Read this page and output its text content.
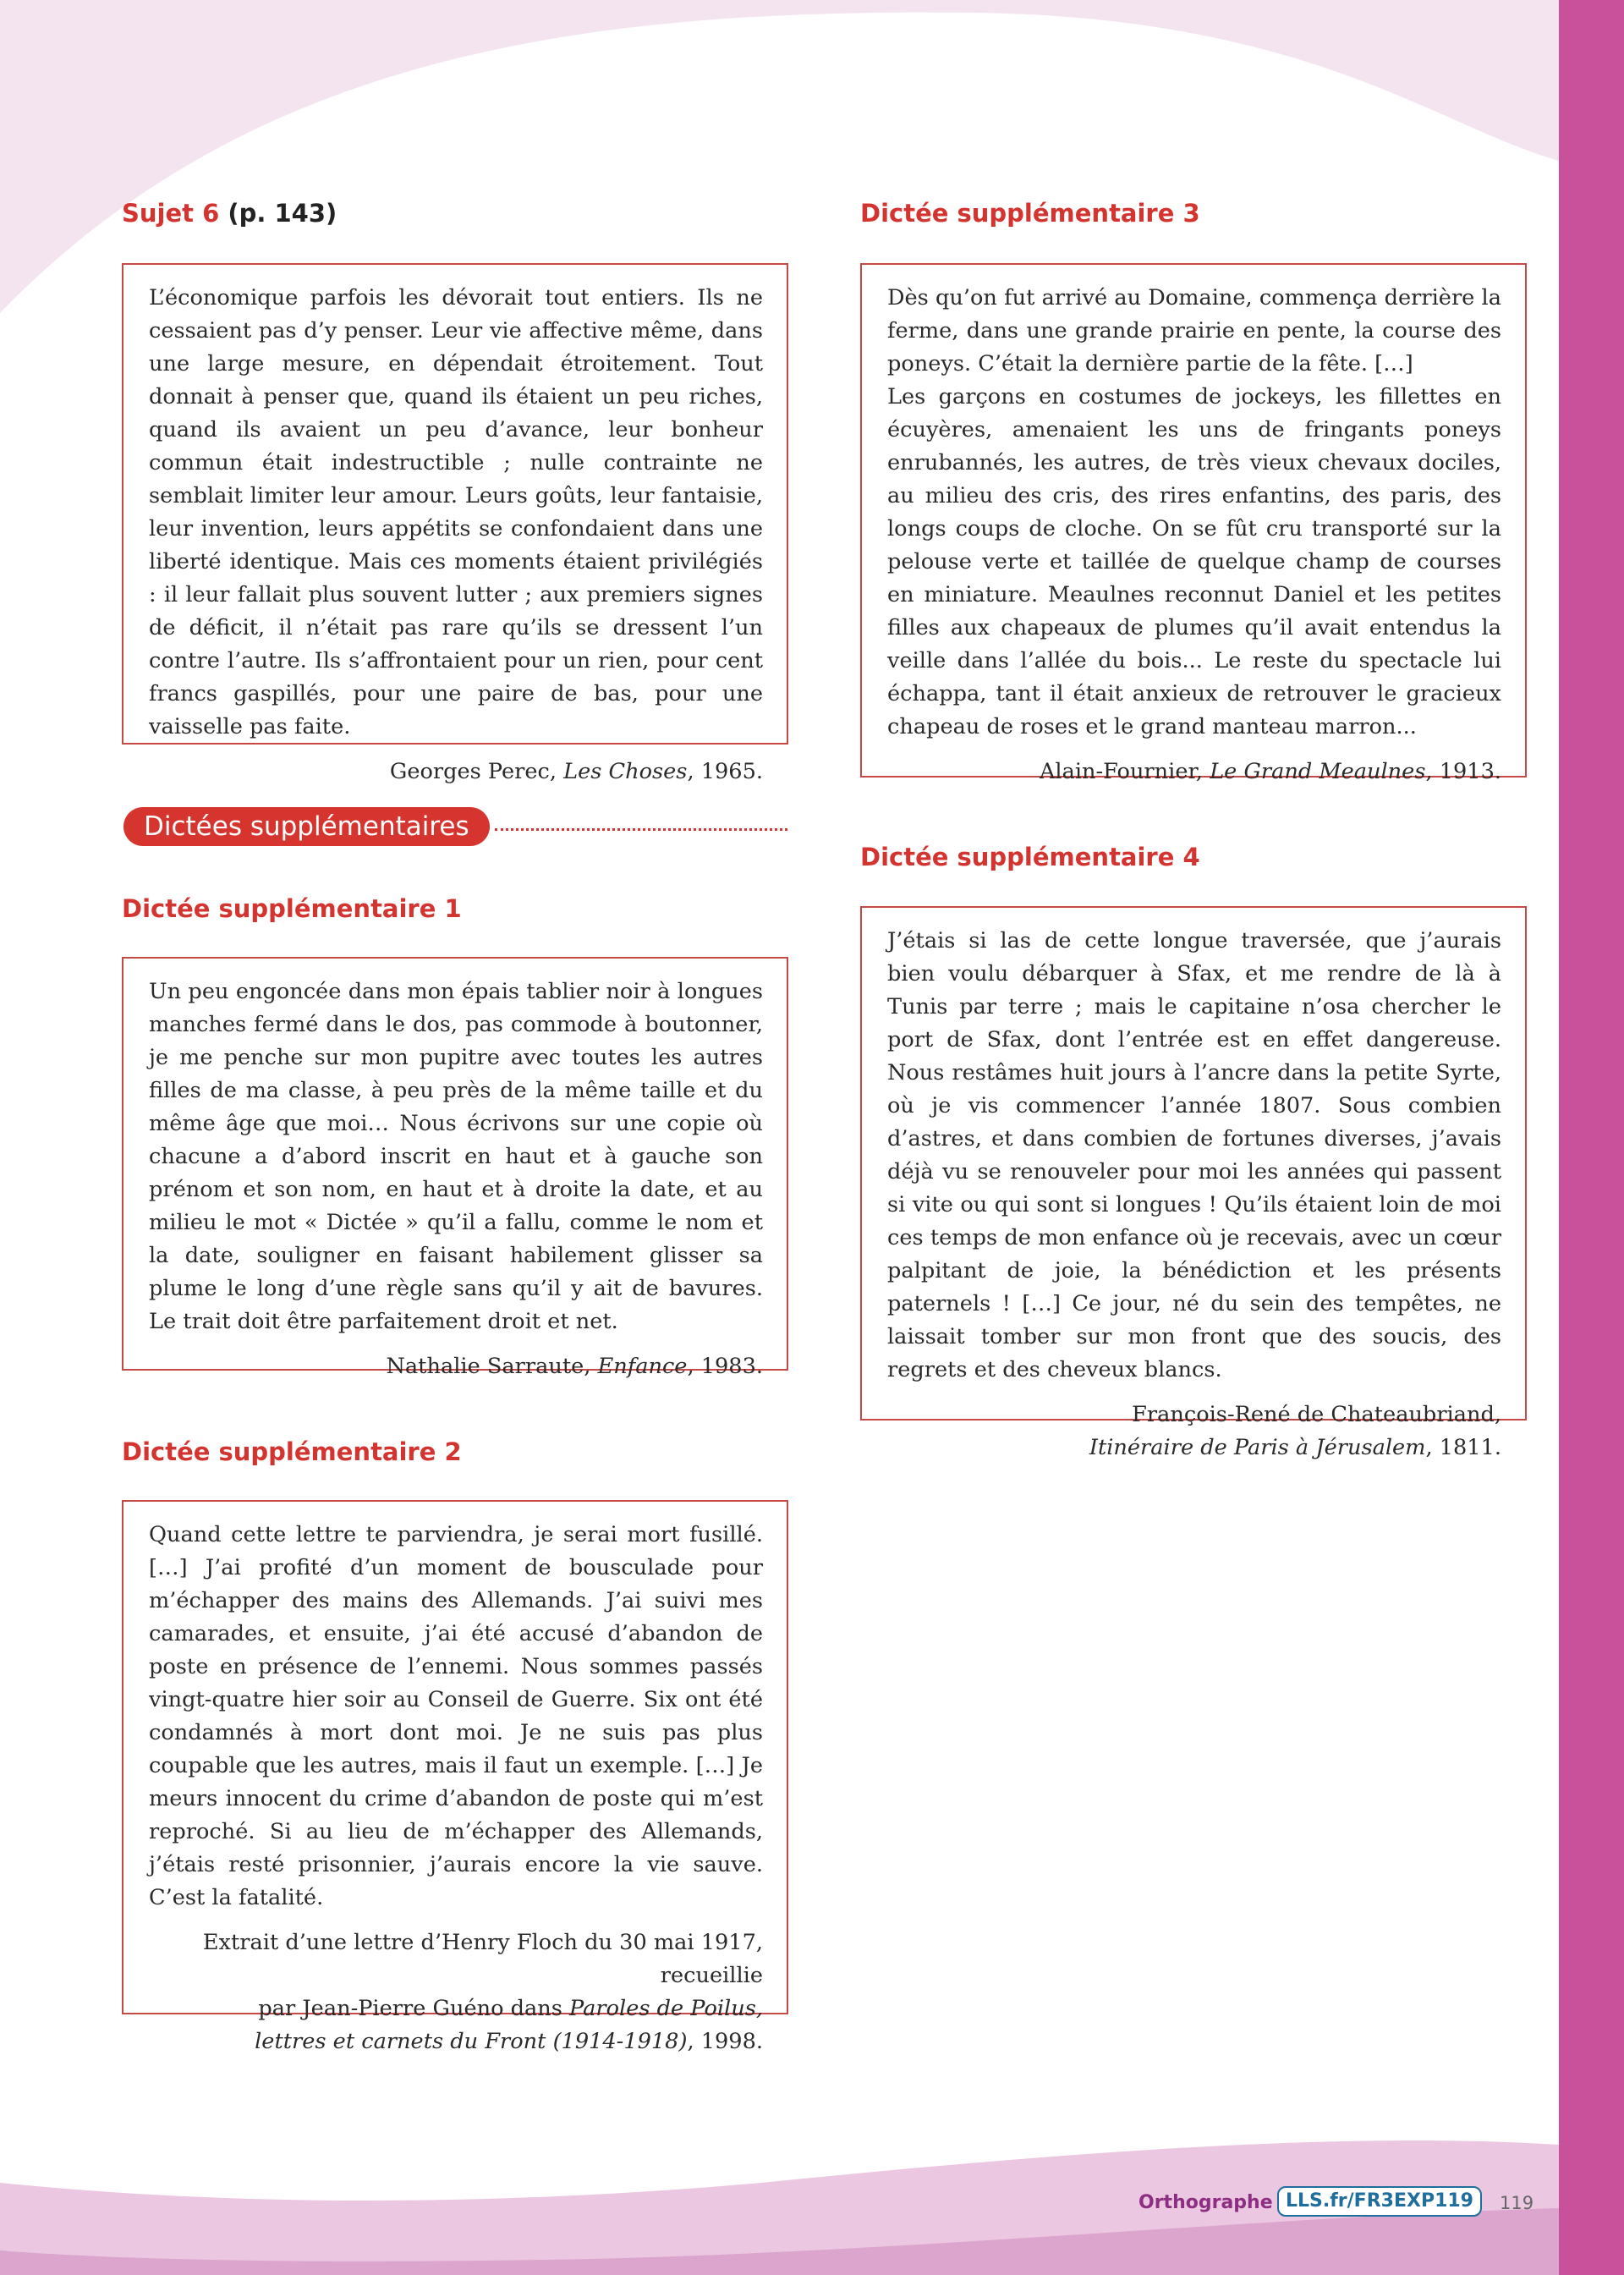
Sujet 6 (p. 143)

L’économique parfois les dévorait tout entiers. Ils ne cessaient pas d’y penser. Leur vie affective même, dans une large mesure, en dépendait étroitement. Tout donnait à penser que, quand ils étaient un peu riches, quand ils avaient un peu d’avance, leur bonheur commun était indestructible ; nulle contrainte ne semblait limiter leur amour. Leurs goûts, leur fantaisie, leur invention, leurs appétits se confondaient dans une liberté identique. Mais ces moments étaient privilégiés : il leur fallait plus souvent lutter ; aux premiers signes de déficit, il n’était pas rare qu’ils se dressent l’un contre l’autre. Ils s’affrontaient pour un rien, pour cent francs gaspillés, pour une paire de bas, pour une vaisselle pas faite.

Georges Perec, Les Choses, 1965.
Dictées supplémentaires
Dictée supplémentaire 1

Un peu engoncée dans mon épais tablier noir à longues manches fermé dans le dos, pas commode à boutonner, je me penche sur mon pupitre avec toutes les autres filles de ma classe, à peu près de la même taille et du même âge que moi… Nous écrivons sur une copie où chacune a d’abord inscrit en haut et à gauche son prénom et son nom, en haut et à droite la date, et au milieu le mot « Dictée » qu’il a fallu, comme le nom et la date, souligner en faisant habilement glisser sa plume le long d’une règle sans qu’il y ait de bavures. Le trait doit être parfaitement droit et net.

Nathalie Sarraute, Enfance, 1983.
Dictée supplémentaire 2

Quand cette lettre te parviendra, je serai mort fusillé. […] J’ai profité d’un moment de bousculade pour m’échapper des mains des Allemands. J’ai suivi mes camarades, et ensuite, j’ai été accusé d’abandon de poste en présence de l’ennemi. Nous sommes passés vingt-quatre hier soir au Conseil de Guerre. Six ont été condamnés à mort dont moi. Je ne suis pas plus coupable que les autres, mais il faut un exemple. […] Je meurs innocent du crime d’abandon de poste qui m’est reproché. Si au lieu de m’échapper des Allemands, j’étais resté prisonnier, j’aurais encore la vie sauve. C’est la fatalité.

Extrait d’une lettre d’Henry Floch du 30 mai 1917, recueillie
par Jean-Pierre Guéno dans Paroles de Poilus,
lettres et carnets du Front (1914-1918), 1998.
Dictée supplémentaire 3

Dès qu’on fut arrivé au Domaine, commença derrière la ferme, dans une grande prairie en pente, la course des poneys. C’était la dernière partie de la fête. […]

Les garçons en costumes de jockeys, les fillettes en écuyères, amenaient les uns de fringants poneys enrubannés, les autres, de très vieux chevaux dociles, au milieu des cris, des rires enfantins, des paris, des longs coups de cloche. On se fût cru transporté sur la pelouse verte et taillée de quelque champ de courses en miniature. Meaulnes reconnut Daniel et les petites filles aux chapeaux de plumes qu’il avait entendus la veille dans l’allée du bois... Le reste du spectacle lui échappa, tant il était anxieux de retrouver le gracieux chapeau de roses et le grand manteau marron...

Alain-Fournier, Le Grand Meaulnes, 1913.
Dictée supplémentaire 4

J’étais si las de cette longue traversée, que j’aurais bien voulu débarquer à Sfax, et me rendre de là à Tunis par terre ; mais le capitaine n’osa chercher le port de Sfax, dont l’entrée est en effet dangereuse. Nous restâmes huit jours à l’ancre dans la petite Syrte, où je vis commencer l’année 1807. Sous combien d’astres, et dans combien de fortunes diverses, j’avais déjà vu se renouveler pour moi les années qui passent si vite ou qui sont si longues ! Qu’ils étaient loin de moi ces temps de mon enfance où je recevais, avec un cœur palpitant de joie, la bénédiction et les présents paternels ! […] Ce jour, né du sein des tempêtes, ne laissait tomber sur mon front que des soucis, des regrets et des cheveux blancs.

François-René de Chateaubriand,
Itinéraire de Paris à Jérusalem, 1811.
Orthographe LLS.fr/FR3EXP119	119
